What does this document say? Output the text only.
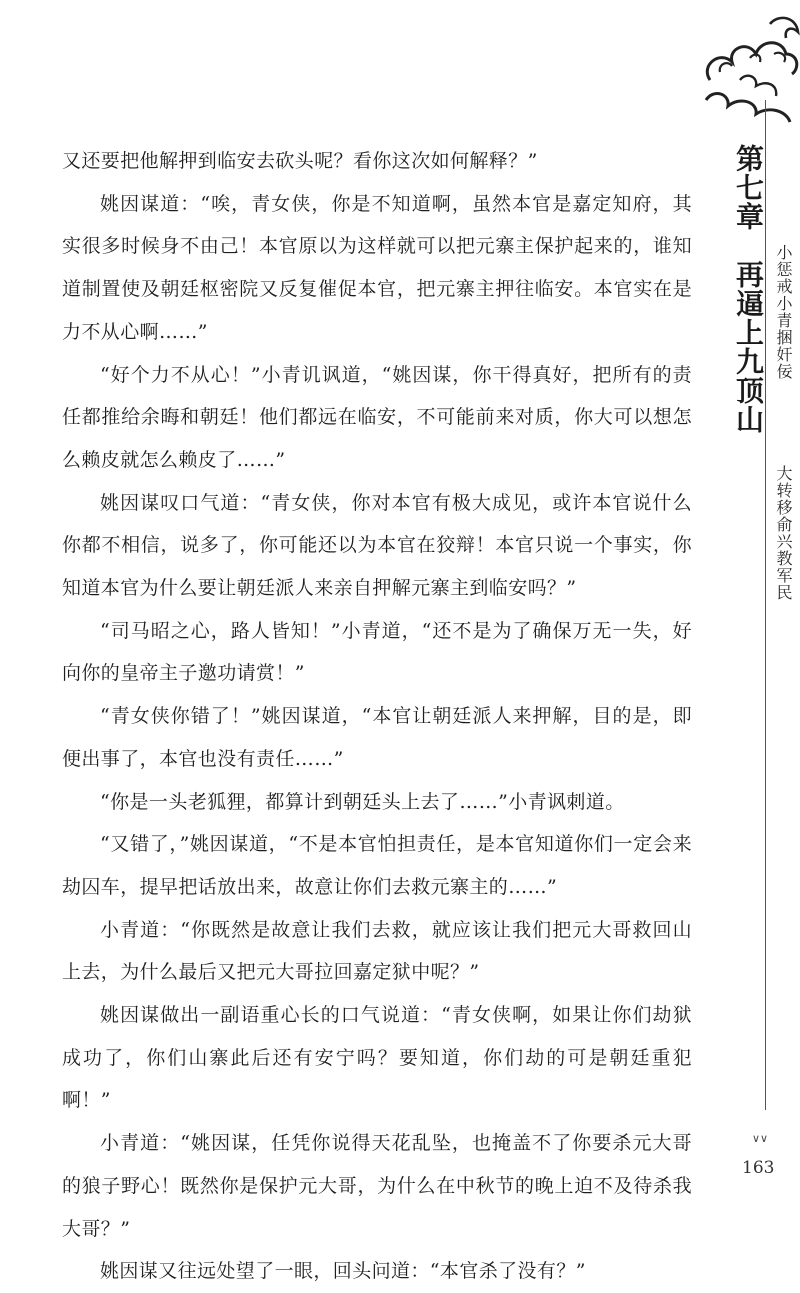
第七章　再逼上九顶山 小惩戒小青捆奸佞
大转移俞兴教军民

又还要把他解押到临安去砍头呢？看你这次如何解释？”

姚因谋道：“唉，青女侠，你是不知道啊，虽然本官是嘉定知府，其实很多时候身不由己！本官原以为这样就可以把元寨主保护起来的，谁知道制置使及朝廷枢密院又反复催促本官，把元寨主押往临安。本官实在是力不从心啊……”

“好个力不从心！”小青讥讽道，“姚因谋，你干得真好，把所有的责任都推给余晦和朝廷！他们都远在临安，不可能前来对质，你大可以想怎么赖皮就怎么赖皮了……”

姚因谋叹口气道：“青女侠，你对本官有极大成见，或许本官说什么你都不相信，说多了，你可能还以为本官在狡辩！本官只说一个事实，你知道本官为什么要让朝廷派人来亲自押解元寨主到临安吗？”

“司马昭之心，路人皆知！”小青道，“还不是为了确保万无一失，好向你的皇帝主子邀功请赏！”

“青女侠你错了！”姚因谋道，“本官让朝廷派人来押解，目的是，即便出事了，本官也没有责任……”

“你是一头老狐狸，都算计到朝廷头上去了……”小青讽刺道。

“又错了，”姚因谋道，“不是本官怕担责任，是本官知道你们一定会来劫囚车，提早把话放出来，故意让你们去救元寨主的……”

小青道：“你既然是故意让我们去救，就应该让我们把元大哥救回山上去，为什么最后又把元大哥拉回嘉定狱中呢？”

姚因谋做出一副语重心长的口气说道：“青女侠啊，如果让你们劫狱成功了，你们山寨此后还有安宁吗？要知道，你们劫的可是朝廷重犯啊！”

小青道：“姚因谋，任凭你说得天花乱坠，也掩盖不了你要杀元大哥的狼子野心！既然你是保护元大哥，为什么在中秋节的晚上迫不及待杀我大哥？”

姚因谋又往远处望了一眼，回头问道：“本官杀了没有？”

∨∨
163
